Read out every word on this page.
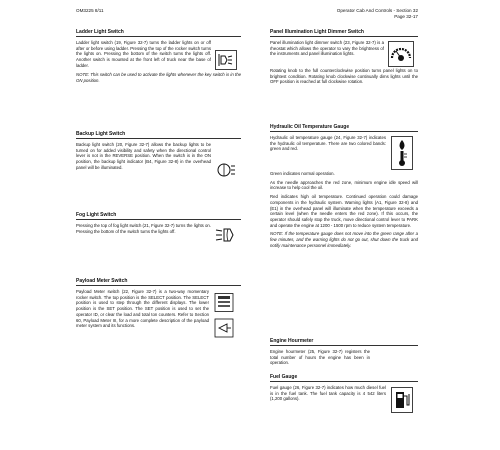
OM3225 8/11	Operator Cab And Controls - Section 32
Page 32-17
Ladder Light Switch

Ladder light switch (19, Figure 32-7) turns the ladder lights on or off after or before using ladder. Pressing the top of the rocker switch turns the lights on. Pressing the bottom of the switch turns the lights off. Another switch is mounted at the front left of truck near the base of ladder.

NOTE: This switch can be used to activate the lights whenever the key switch is in the ON position.

Backup Light Switch

Backup light switch (20, Figure 32-7) allows the backup lights to be turned on for added visibility and safety when the directional control lever is not in the REVERSE position. When the switch is in the ON position, the backup light indicator (B4, Figure 32-8) in the overhead panel will be illuminated.

Fog Light Switch

Pressing the top of fog light switch (21, Figure 32-7) turns the lights on. Pressing the bottom of the switch turns the lights off.

Payload Meter Switch

Payload Meter switch (22, Figure 32-7) is a two-way momentary rocker switch. The top position is the SELECT position. The SELECT position is used to step through the different displays. The lower position is the SET position. The SET position is used to set the operator ID, or clear the load and total ton counters. Refer to Section 60, Payload Meter III, for a more complete description of the payload meter system and its functions.

Panel Illumination Light Dimmer Switch

Panel illumination light dimmer switch (23, Figure 32-7) is a rheostat which allows the operator to vary the brightness of the instruments and panel illumination lights.

Rotating knob to the full counterclockwise position turns panel lights on to brightest condition. Rotating knob clockwise continually dims lights until the OFF position is reached at full clockwise rotation.

Hydraulic Oil Temperature Gauge

Hydraulic oil temperature gauge (24, Figure 32-7) indicates the hydraulic oil temperature. There are two colored bands: green and red.

Green indicates normal operation.

As the needle approaches the red zone, minimum engine idle speed will increase to help cool the oil.

Red indicates high oil temperature. Continued operation could damage components in the hydraulic system. Warning lights (A1, Figure 32-8) and (E1) in the overhead panel will illuminate when the temperature exceeds a certain level (when the needle enters the red zone). If this occurs, the operator should safely stop the truck, move directional control lever to PARK and operate the engine at 1200 - 1500 rpm to reduce system temperature.

NOTE: If the temperature gauge does not move into the green range after a few minutes, and the warning lights do not go out, shut down the truck and notify maintenance personnel immediately.

Engine Hourmeter

Engine hourmeter (25, Figure 32-7) registers the total number of hours the engine has been in operation.

Fuel Gauge

Fuel gauge (26, Figure 32-7) indicates how much diesel fuel is in the fuel tank. The fuel tank capacity is 4 542 liters (1,200 gallons).
